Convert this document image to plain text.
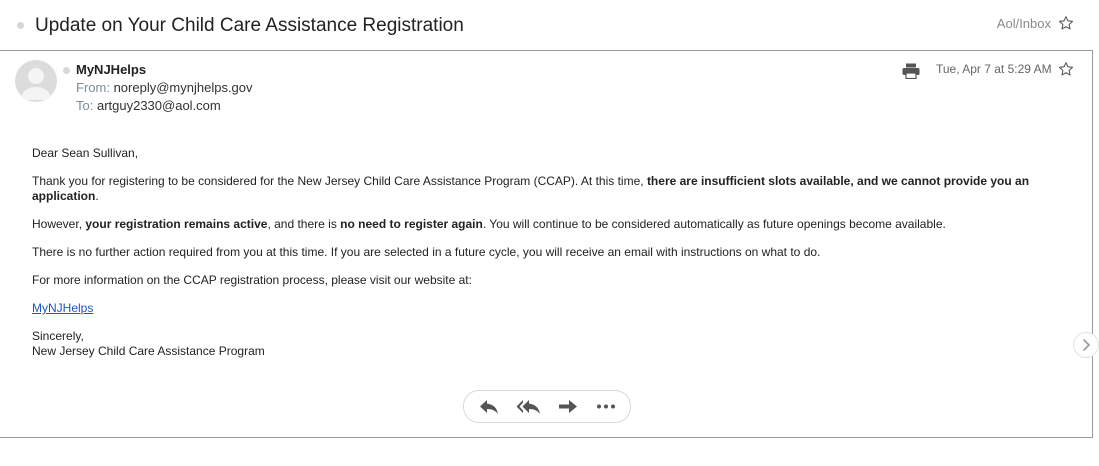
Update on Your Child Care Assistance Registration	Aol/Inbox
MyNJHelps
From: noreply@mynjhelps.gov
To: artguy2330@aol.com
Tue, Apr 7 at 5:29 AM

Dear Sean Sullivan,

Thank you for registering to be considered for the New Jersey Child Care Assistance Program (CCAP). At this time, there are insufficient slots available, and we cannot provide you an application.

However, your registration remains active, and there is no need to register again. You will continue to be considered automatically as future openings become available.

There is no further action required from you at this time. If you are selected in a future cycle, you will receive an email with instructions on what to do.

For more information on the CCAP registration process, please visit our website at:

MyNJHelps

Sincerely,

New Jersey Child Care Assistance Program
